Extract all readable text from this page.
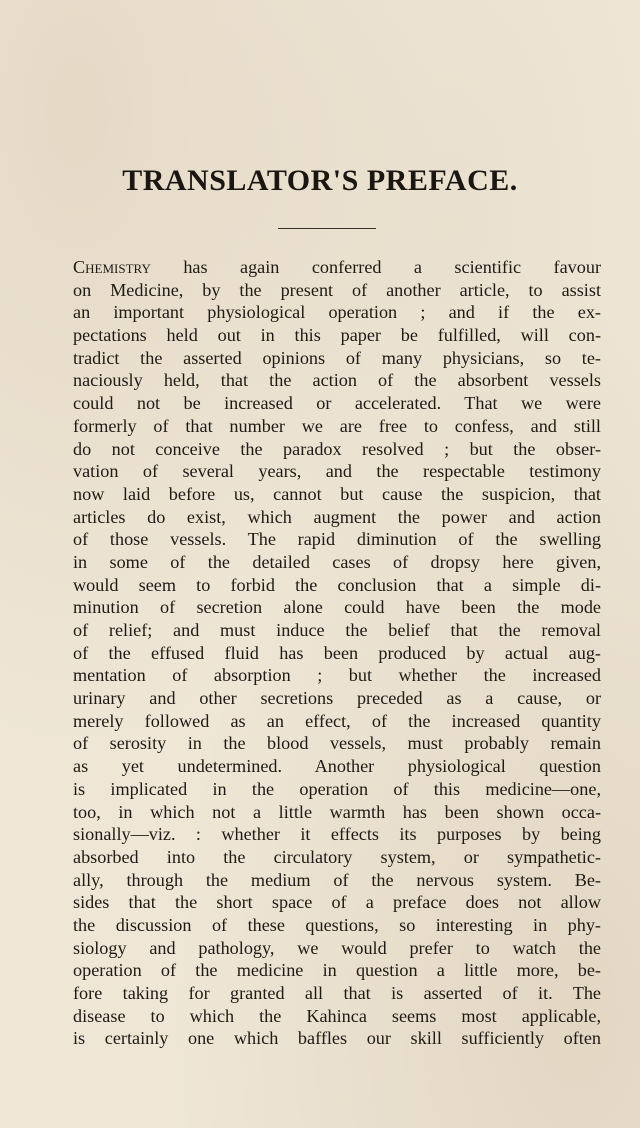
TRANSLATOR'S PREFACE.
Chemistry has again conferred a scientific favour
on Medicine, by the present of another article, to assist
an important physiological operation ; and if the ex-
pectations held out in this paper be fulfilled, will con-
tradict the asserted opinions of many physicians, so te-
naciously held, that the action of the absorbent vessels
could not be increased or accelerated. That we were
formerly of that number we are free to confess, and still
do not conceive the paradox resolved ; but the obser-
vation of several years, and the respectable testimony
now laid before us, cannot but cause the suspicion, that
articles do exist, which augment the power and action
of those vessels. The rapid diminution of the swelling
in some of the detailed cases of dropsy here given,
would seem to forbid the conclusion that a simple di-
minution of secretion alone could have been the mode
of relief; and must induce the belief that the removal
of the effused fluid has been produced by actual aug-
mentation of absorption ; but whether the increased
urinary and other secretions preceded as a cause, or
merely followed as an effect, of the increased quantity
of serosity in the blood vessels, must probably remain
as yet undetermined. Another physiological question
is implicated in the operation of this medicine—one,
too, in which not a little warmth has been shown occa-
sionally—viz. : whether it effects its purposes by being
absorbed into the circulatory system, or sympathetic-
ally, through the medium of the nervous system. Be-
sides that the short space of a preface does not allow
the discussion of these questions, so interesting in phy-
siology and pathology, we would prefer to watch the
operation of the medicine in question a little more, be-
fore taking for granted all that is asserted of it. The
disease to which the Kahinca seems most applicable,
is certainly one which baffles our skill sufficiently often
